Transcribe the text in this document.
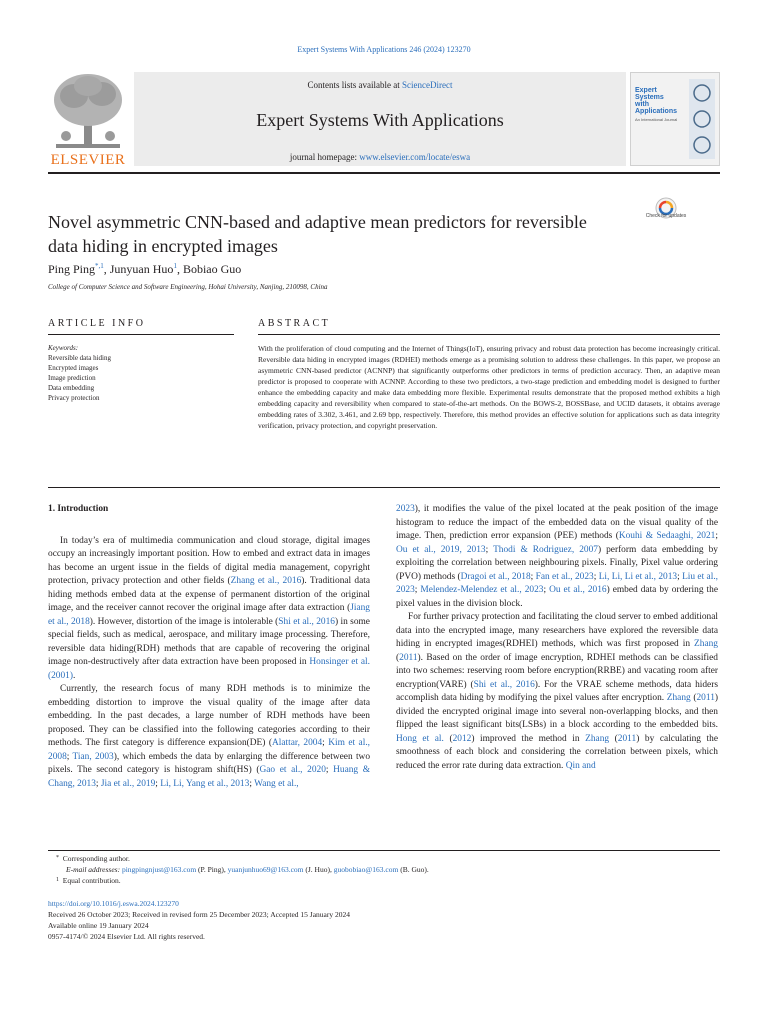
Expert Systems With Applications 246 (2024) 123270
ELSEVIER
Contents lists available at ScienceDirect
Expert Systems With Applications
journal homepage: www.elsevier.com/locate/eswa
Expert
Systems
with
Applications
An International Journal
Novel asymmetric CNN-based and adaptive mean predictors for reversible data hiding in encrypted images
Check for updates
Ping Ping$^{*,1}$, Junyuan Huo$^1$, Bobiao Guo
College of Computer Science and Software Engineering, Hohai University, Nanjing, 210098, China
ARTICLE INFO	ABSTRACT
Keywords:
Reversible data hiding
Encrypted images
Image prediction
Data embedding
Privacy protection
With the proliferation of cloud computing and the Internet of Things(IoT), ensuring privacy and robust data protection has become increasingly critical. Reversible data hiding in encrypted images (RDHEI) methods emerge as a promising solution to address these challenges. In this paper, we propose an asymmetric CNN-based predictor (ACNNP) that significantly outperforms other predictors in terms of prediction accuracy. Then, an adaptive mean predictor is proposed to cooperate with ACNNP. According to these two predictors, a two-stage prediction and embedding model is designed to further enhance the embedding capacity and make data embedding more flexible. Experimental results demonstrate that the proposed method exhibits a high embedding capacity and reversibility when compared to state-of-the-art methods. On the BOWS-2, BOSSBase, and UCID datasets, it obtains average embedding rates of 3.302, 3.461, and 2.69 bpp, respectively. Therefore, this method provides an effective solution for applications such as data integrity verification, privacy protection, and copyright preservation.

1. Introduction

In today’s era of multimedia communication and cloud storage, digital images occupy an increasingly important position. How to embed and extract data in images has become an urgent issue in the fields of digital media management, copyright protection, privacy protection and other fields (Zhang et al., 2016). Traditional data hiding methods embed data at the expense of permanent distortion of the original image, and the receiver cannot recover the original image after data extraction (Jiang et al., 2018). However, distortion of the image is intolerable (Shi et al., 2016) in some special fields, such as medical, aerospace, and military image processing. Therefore, reversible data hiding(RDH) methods that are capable of recovering the original image non-destructively after data extraction have been proposed in Honsinger et al. (2001).

Currently, the research focus of many RDH methods is to minimize the embedding distortion to improve the visual quality of the image after data embedding. In the past decades, a large number of RDH methods have been proposed. They can be classified into the following categories according to their methods. The first category is difference expansion(DE) (Alattar, 2004; Kim et al., 2008; Tian, 2003), which embeds the data by enlarging the difference between two pixels. The second category is histogram shift(HS) (Gao et al., 2020; Huang & Chang, 2013; Jia et al., 2019; Li, Li, Yang et al., 2013; Wang et al.,

2023), it modifies the value of the pixel located at the peak position of the image histogram to reduce the impact of the embedded data on the visual quality of the image. Then, prediction error expansion (PEE) methods (Kouhi & Sedaaghi, 2021; Ou et al., 2019, 2013; Thodi & Rodriguez, 2007) perform data embedding by exploiting the correlation between neighbouring pixels. Finally, Pixel value ordering (PVO) methods (Dragoi et al., 2018; Fan et al., 2023; Li, Li, Li et al., 2013; Liu et al., 2023; Melendez-Melendez et al., 2023; Ou et al., 2016) embed data by ordering the pixel values in the division block.

For further privacy protection and facilitating the cloud server to embed additional data into the encrypted image, many researchers have explored the reversible data hiding in encrypted images(RDHEI) methods, which was first proposed in Zhang (2011). Based on the order of image encryption, RDHEI methods can be classified into two schemes: reserving room before encryption(RRBE) and vacating room after encryption(VARE) (Shi et al., 2016). For the VRAE scheme methods, data hiders accomplish data hiding by modifying the pixel values after encryption. Zhang (2011) divided the encrypted original image into several non-overlapping blocks, and then flipped the least significant bits(LSBs) in a block according to the embedded bits. Hong et al. (2012) improved the method in Zhang (2011) by calculating the smoothness of each block and considering the correlation between pixels, which reduced the error rate during data extraction. Qin and

* Corresponding author.
E-mail addresses: pingpingnjust@163.com (P. Ping), yuanjunhuo69@163.com (J. Huo), guobobiao@163.com (B. Guo).
$^1$ Equal contribution.
https://doi.org/10.1016/j.eswa.2024.123270
Received 26 October 2023; Received in revised form 25 December 2023; Accepted 15 January 2024
Available online 19 January 2024
0957-4174/© 2024 Elsevier Ltd. All rights reserved.
